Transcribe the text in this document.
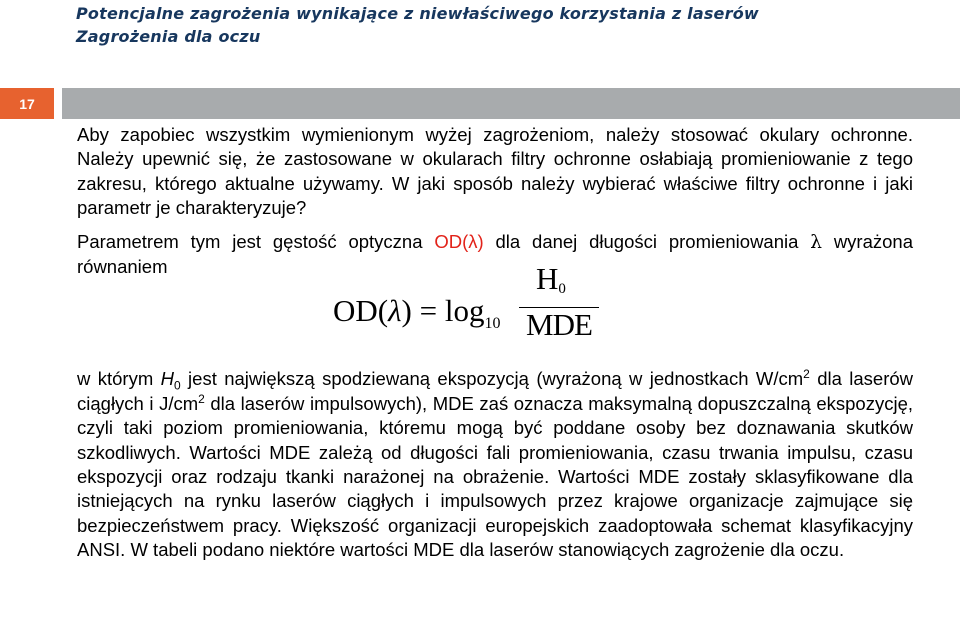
Potencjalne zagrożenia wynikające z niewłaściwego korzystania z laserów
Zagrożenia dla oczu
17

Aby zapobiec wszystkim wymienionym wyżej zagrożeniom, należy stosować okulary ochronne. Należy upewnić się, że zastosowane w okularach filtry ochronne osłabiają promieniowanie z tego zakresu, którego aktualne używamy. W jaki sposób należy wybierać właściwe filtry ochronne i jaki parametr je charakteryzuje?

Parametrem tym jest gęstość optyczna OD(λ) dla danej długości promieniowania λ wyrażona równaniem

$OD(\lambda) = \log_{10}$
$H_0$
MDE

w którym $H_0$ jest największą spodziewaną ekspozycją (wyrażoną w jednostkach $W/cm^2$ dla laserów ciągłych i $J/cm^2$ dla laserów impulsowych), MDE zaś oznacza maksymalną dopuszczalną ekspozycję, czyli taki poziom promieniowania, któremu mogą być poddane osoby bez doznawania skutków szkodliwych. Wartości MDE zależą od długości fali promieniowania, czasu trwania impulsu, czasu ekspozycji oraz rodzaju tkanki narażonej na obrażenie. Wartości MDE zostały sklasyfikowane dla istniejących na rynku laserów ciągłych i impulsowych przez krajowe organizacje zajmujące się bezpieczeństwem pracy. Większość organizacji europejskich zaadoptowała schemat klasyfikacyjny ANSI. W tabeli podano niektóre wartości MDE dla laserów stanowiących zagrożenie dla oczu.
